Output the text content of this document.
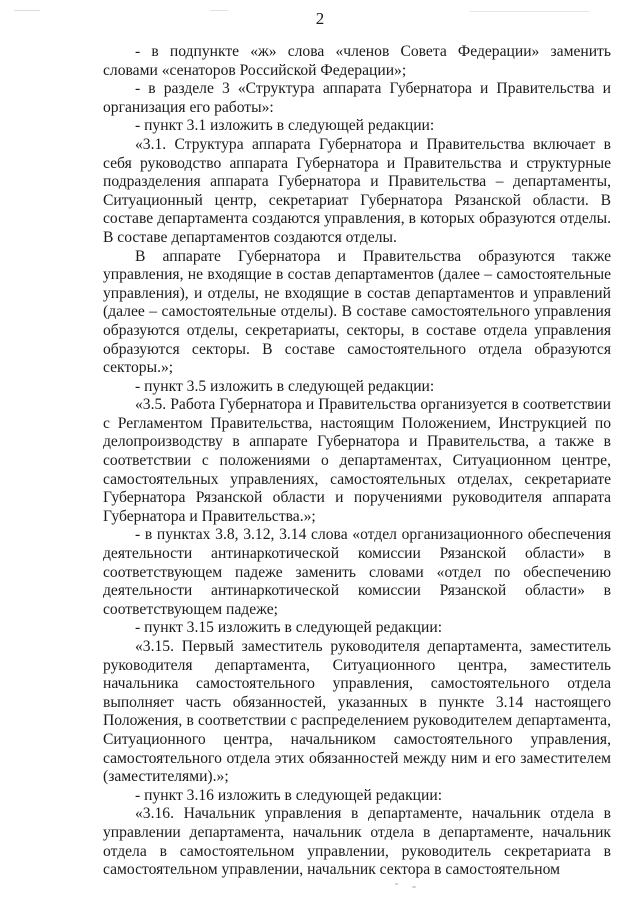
2

- в подпункте «ж» слова «членов Совета Федерации» заменить словами «сенаторов Российской Федерации»;

- в разделе 3 «Структура аппарата Губернатора и Правительства и организация его работы»:

- пункт 3.1 изложить в следующей редакции:

«3.1. Структура аппарата Губернатора и Правительства включает в себя руководство аппарата Губернатора и Правительства и структурные подразделения аппарата Губернатора и Правительства – департаменты, Ситуационный центр, секретариат Губернатора Рязанской области. В составе департамента создаются управления, в которых образуются отделы. В составе департаментов создаются отделы.

В аппарате Губернатора и Правительства образуются также управления, не входящие в состав департаментов (далее – самостоятельные управления), и отделы, не входящие в состав департаментов и управлений (далее – самостоятельные отделы). В составе самостоятельного управления образуются отделы, секретариаты, секторы, в составе отдела управления образуются секторы. В составе самостоятельного отдела образуются секторы.»;

- пункт 3.5 изложить в следующей редакции:

«3.5. Работа Губернатора и Правительства организуется в соответствии с Регламентом Правительства, настоящим Положением, Инструкцией по делопроизводству в аппарате Губернатора и Правительства, а также в соответствии с положениями о департаментах, Ситуационном центре, самостоятельных управлениях, самостоятельных отделах, секретариате Губернатора Рязанской области и поручениями руководителя аппарата Губернатора и Правительства.»;

- в пунктах 3.8, 3.12, 3.14 слова «отдел организационного обеспечения деятельности антинаркотической комиссии Рязанской области» в соответствующем падеже заменить словами «отдел по обеспечению деятельности антинаркотической комиссии Рязанской области» в соответствующем падеже;

- пункт 3.15 изложить в следующей редакции:

«3.15. Первый заместитель руководителя департамента, заместитель руководителя департамента, Ситуационного центра, заместитель начальника самостоятельного управления, самостоятельного отдела выполняет часть обязанностей, указанных в пункте 3.14 настоящего Положения, в соответствии с распределением руководителем департамента, Ситуационного центра, начальником самостоятельного управления, самостоятельного отдела этих обязанностей между ним и его заместителем (заместителями).»;

- пункт 3.16 изложить в следующей редакции:

«3.16. Начальник управления в департаменте, начальник отдела в управлении департамента, начальник отдела в департаменте, начальник отдела в самостоятельном управлении, руководитель секретариата в самостоятельном управлении, начальник сектора в самостоятельном
